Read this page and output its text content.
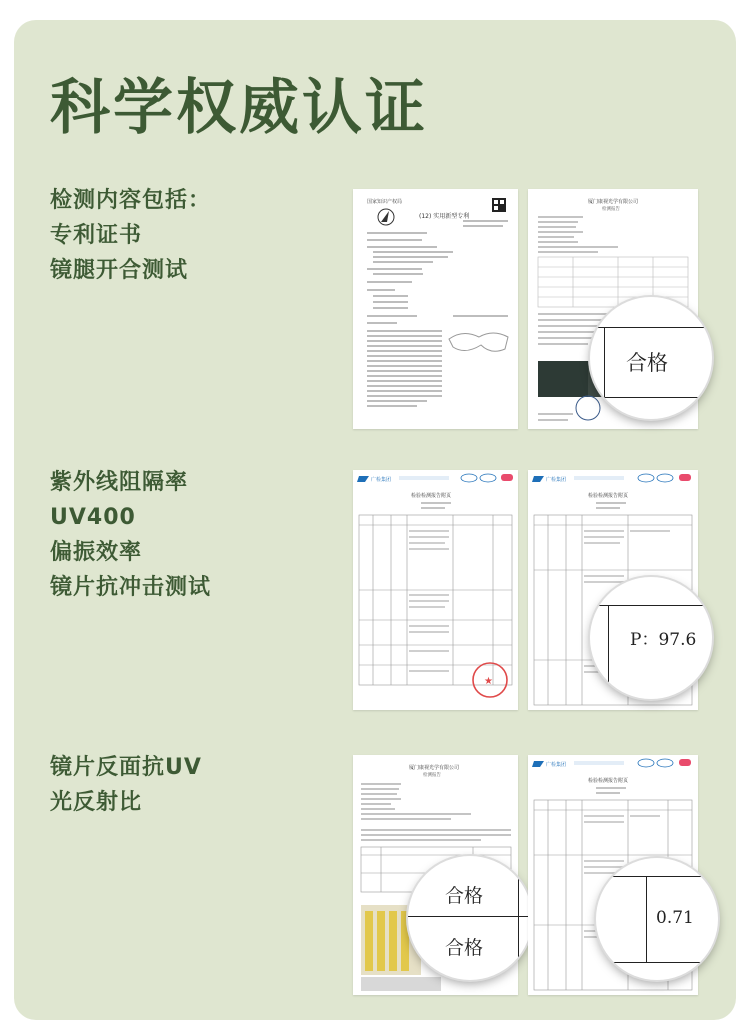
科学权威认证
检测内容包括：
专利证书
镜腿开合测试
紫外线阻隔率
UV400
偏振效率
镜片抗冲击测试
镜片反面抗UV
光反射比
国家知识产权局
(12) 实用新型专利
厦门康视光学有限公司
检测报告
合格
广检集团
检验检测报告附页
★
广检集团
检验检测报告附页
P：97.6
厦门康视光学有限公司
检测报告
合格
合格
广检集团
检验检测报告附页
0.71
